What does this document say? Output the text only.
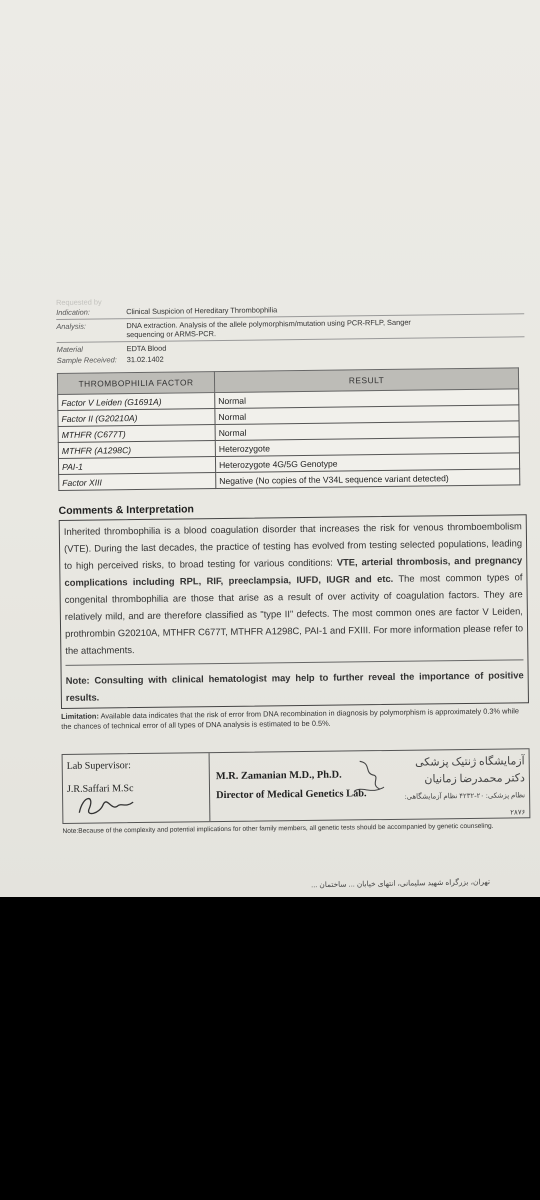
Requested by
Indication:	Clinical Suspicion of Hereditary Thrombophilia
Analysis:	DNA extraction. Analysis of the allele polymorphism/mutation using PCR-RFLP, Sanger
sequencing or ARMS-PCR.
Material	EDTA Blood
Sample Received:	31.02.1402
THROMBOPHILIA FACTOR	RESULT
Factor V Leiden (G1691A)	Normal
Factor II (G20210A)	Normal
MTHFR (C677T)	Normal
MTHFR (A1298C)	Heterozygote
PAI-1	Heterozygote 4G/5G Genotype
Factor XIII	Negative (No copies of the V34L sequence variant detected)
Comments & Interpretation
Inherited thrombophilia is a blood coagulation disorder that increases the risk for venous thromboembolism (VTE). During the last decades, the practice of testing has evolved from testing selected populations, leading to high perceived risks, to broad testing for various conditions: VTE, arterial thrombosis, and pregnancy complications including RPL, RIF, preeclampsia, IUFD, IUGR and etc. The most common types of congenital thrombophilia are those that arise as a result of over activity of coagulation factors. They are relatively mild, and are therefore classified as "type II" defects. The most common ones are factor V Leiden, prothrombin G20210A, MTHFR C677T, MTHFR A1298C, PAI-1 and FXIII. For more information please refer to the attachments.
Note: Consulting with clinical hematologist may help to further reveal the importance of positive results.
Limitation: Available data indicates that the risk of error from DNA recombination in diagnosis by polymorphism is approximately 0.3% while the chances of technical error of all types of DNA analysis is estimated to be 0.5%.
Lab Supervisor:
J.R.Saffari M.Sc
M.R. Zamanian M.D., Ph.D.
Director of Medical Genetics Lab.
آزمایشگاه ژنتیک پزشکی
دکتر محمدرضا زمانیان
نظام پزشکی: ۲۰-۴۲۳۲ نظام آزمایشگاهی: ۲۸۷۶
Note:Because of the complexity and potential implications for other family members, all genetic tests should be accompanied by genetic counseling.
تهران، بزرگراه شهید سلیمانی، انتهای خیابان ... ساختمان ...
